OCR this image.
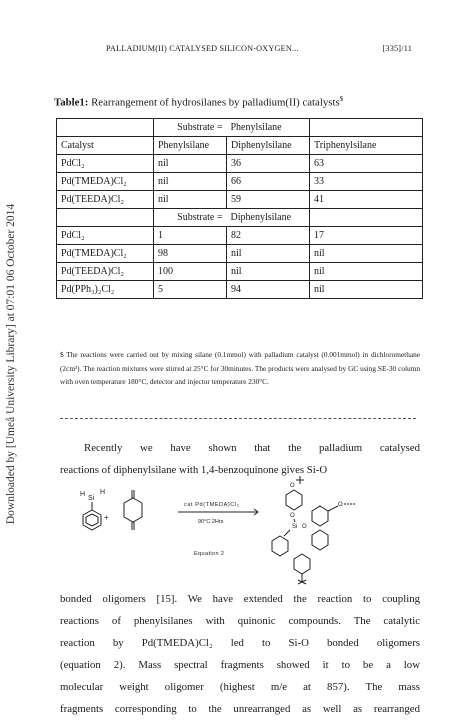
Downloaded by [Umeå University Library] at 07:01 06 October 2014
PALLADIUM(II) CATALYSED SILICON-OXYGEN...	[335]/11
Table1: Rearrangement of hydrosilanes by palladium(II) catalysts$
	Substrate =	Phenylsilane	
Catalyst	Phenylsilane	Diphenylsilane	Triphenylsilane
PdCl₂	nil	36	63
Pd(TMEDA)Cl₂	nil	66	33
Pd(TEEDA)Cl₂	nil	59	41
	Substrate =	Diphenylsilane	
PdCl₂	1	82	17
Pd(TMEDA)Cl₂	98	nil	nil
Pd(TEEDA)Cl₂	100	nil	nil
Pd(PPh₃)₂Cl₂	5	94	nil
$ The reactions were carried out by mixing silane (0.1mmol) with palladium catalyst (0.001mmol) in dichloromethane (2cm³). The reaction mixtures were stirred at 25°C for 30minutes. The products were analysed by GC using SE-30 column with oven temperature 180°C, detector and injector temperature 230°C.
Recently we have shown that the palladium catalysed
reactions of diphenylsilane with 1,4-benzoquinone gives Si-O
H
Si
H
+
cat Pd(TMEDA)Cl₂
90°C 2Hrs
Equation 2
O
O
Si O
O
bonded oligomers [15]. We have extended the reaction to coupling
reactions of phenylsilanes with quinonic compounds. The catalytic
reaction by Pd(TMEDA)Cl₂ led to Si-O bonded oligomers
(equation 2). Mass spectral fragments showed it to be a low
molecular weight oligomer (highest m/e at 857). The mass
fragments corresponding to the unrearranged as well as rearranged
